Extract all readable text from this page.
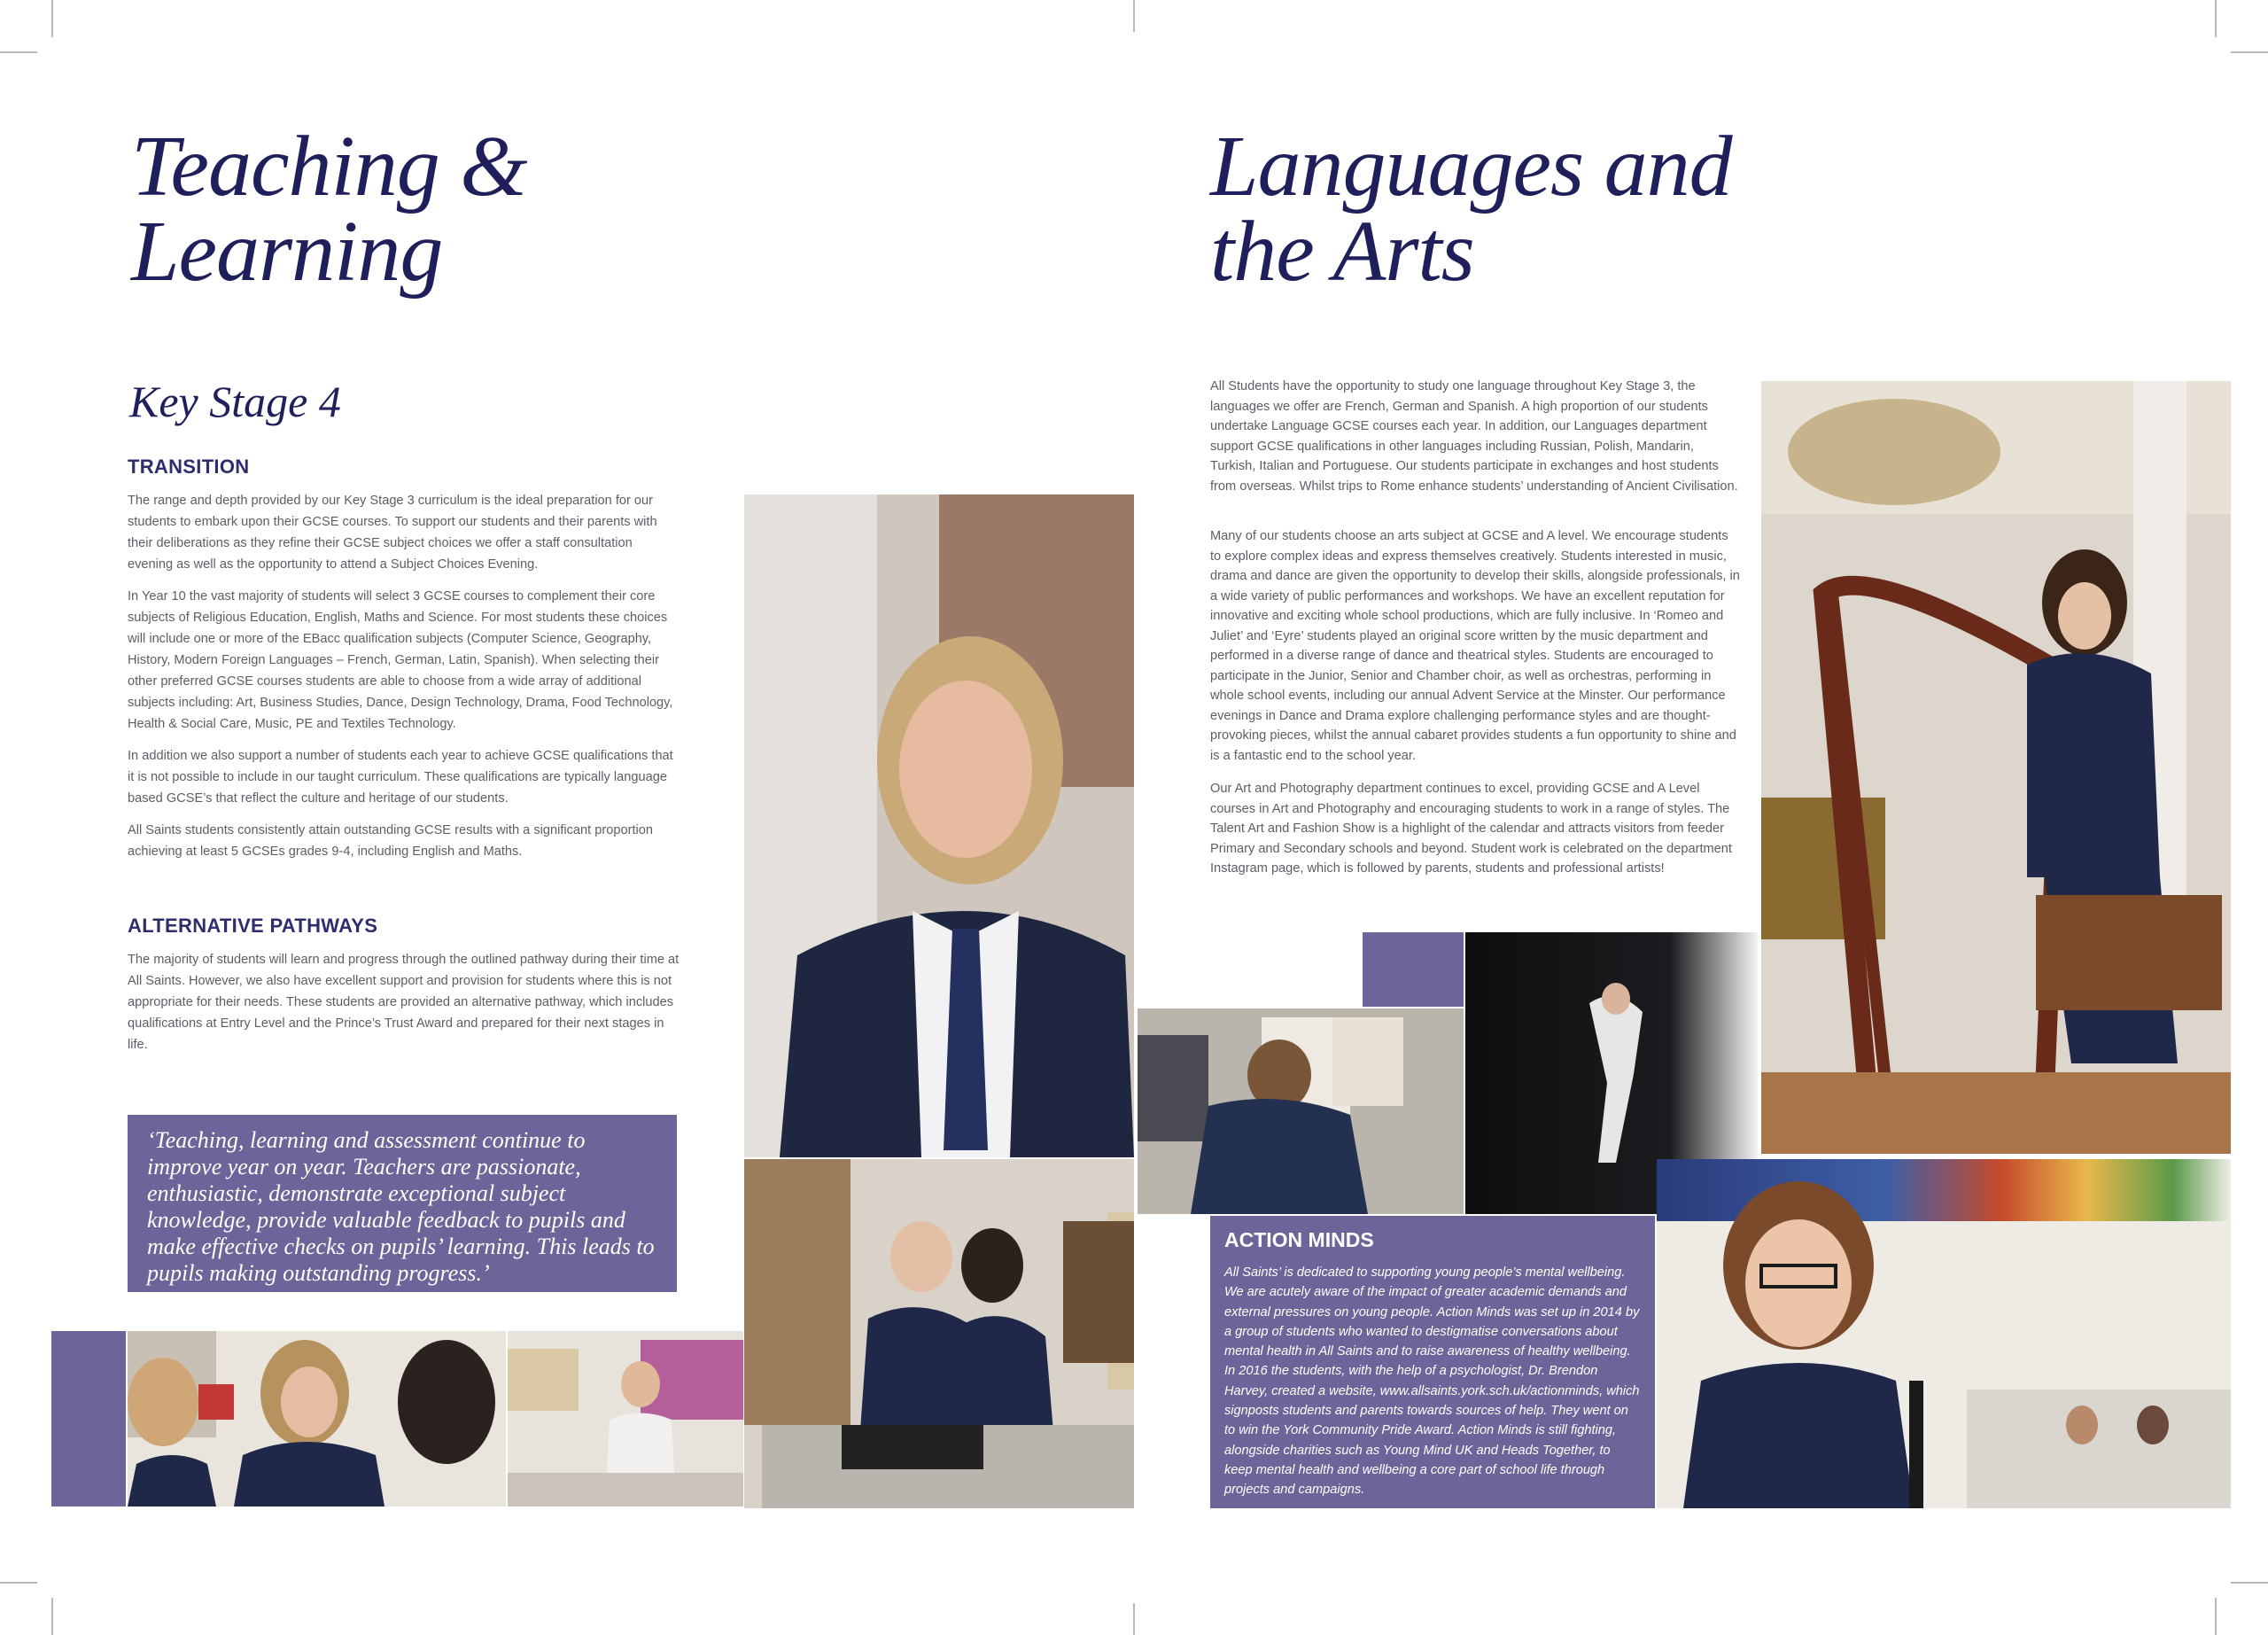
Teaching &
Learning
Key Stage 4
TRANSITION

The range and depth provided by our Key Stage 3 curriculum is the ideal preparation for our students to embark upon their GCSE courses. To support our students and their parents with their deliberations as they refine their GCSE subject choices we offer a staff consultation evening as well as the opportunity to attend a Subject Choices Evening.

In Year 10 the vast majority of students will select 3 GCSE courses to complement their core subjects of Religious Education, English, Maths and Science. For most students these choices will include one or more of the EBacc qualification subjects (Computer Science, Geography, History, Modern Foreign Languages – French, German, Latin, Spanish). When selecting their other preferred GCSE courses students are able to choose from a wide array of additional subjects including: Art, Business Studies, Dance, Design Technology, Drama, Food Technology, Health & Social Care, Music, PE and Textiles Technology.

In addition we also support a number of students each year to achieve GCSE qualifications that it is not possible to include in our taught curriculum. These qualifications are typically language based GCSE’s that reflect the culture and heritage of our students.

All Saints students consistently attain outstanding GCSE results with a significant proportion achieving at least 5 GCSEs grades 9-4, including English and Maths.

ALTERNATIVE PATHWAYS

The majority of students will learn and progress through the outlined pathway during their time at All Saints. However, we also have excellent support and provision for students where this is not appropriate for their needs. These students are provided an alternative pathway, which includes qualifications at Entry Level and the Prince’s Trust Award and prepared for their next stages in life.

‘Teaching, learning and assessment continue to improve year on year. Teachers are passionate, enthusiastic, demonstrate exceptional subject knowledge, provide valuable feedback to pupils and make effective checks on pupils’ learning. This leads to pupils making outstanding progress.’

Ofsted report

Languages and
the Arts

All Students have the opportunity to study one language throughout Key Stage 3, the languages we offer are French, German and Spanish. A high proportion of our students undertake Language GCSE courses each year. In addition, our Languages department support GCSE qualifications in other languages including Russian, Polish, Mandarin, Turkish, Italian and Portuguese. Our students participate in exchanges and host students from overseas. Whilst trips to Rome enhance students’ understanding of Ancient Civilisation.

Many of our students choose an arts subject at GCSE and A level. We encourage students to explore complex ideas and express themselves creatively. Students interested in music, drama and dance are given the opportunity to develop their skills, alongside professionals, in a wide variety of public performances and workshops. We have an excellent reputation for innovative and exciting whole school productions, which are fully inclusive. In ‘Romeo and Juliet’ and ‘Eyre’ students played an original score written by the music department and performed in a diverse range of dance and theatrical styles. Students are encouraged to participate in the Junior, Senior and Chamber choir, as well as orchestras, performing in whole school events, including our annual Advent Service at the Minster. Our performance evenings in Dance and Drama explore challenging performance styles and are thought-provoking pieces, whilst the annual cabaret provides students a fun opportunity to shine and is a fantastic end to the school year.

Our Art and Photography department continues to excel, providing GCSE and A Level courses in Art and Photography and encouraging students to work in a range of styles. The Talent Art and Fashion Show is a highlight of the calendar and attracts visitors from feeder Primary and Secondary schools and beyond. Student work is celebrated on the department Instagram page, which is followed by parents, students and professional artists!

ACTION MINDS

All Saints’ is dedicated to supporting young people’s mental wellbeing. We are acutely aware of the impact of greater academic demands and external pressures on young people. Action Minds was set up in 2014 by a group of students who wanted to destigmatise conversations about mental health in All Saints and to raise awareness of healthy wellbeing. In 2016 the students, with the help of a psychologist, Dr. Brendon Harvey, created a website, www.allsaints.york.sch.uk/actionminds, which signposts students and parents towards sources of help. They went on to win the York Community Pride Award. Action Minds is still fighting, alongside charities such as Young Mind UK and Heads Together, to keep mental health and wellbeing a core part of school life through projects and campaigns.
